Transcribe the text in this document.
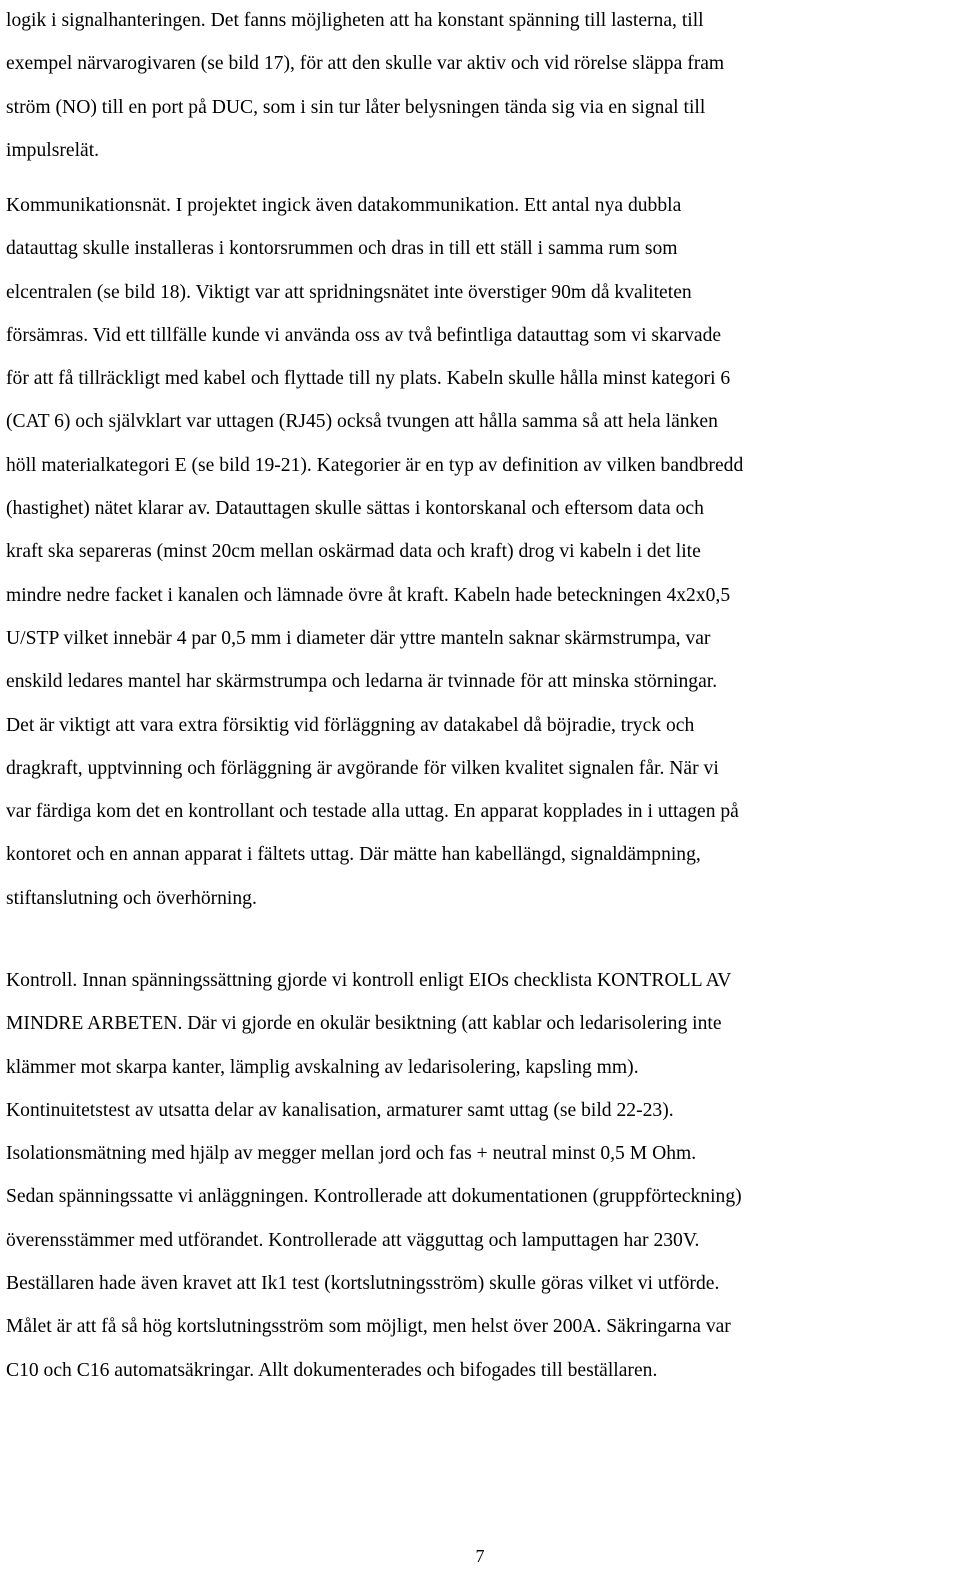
logik i signalhanteringen. Det fanns möjligheten att ha konstant spänning till lasterna, till
exempel närvarogivaren (se bild 17), för att den skulle var aktiv och vid rörelse släppa fram
ström (NO) till en port på DUC, som i sin tur låter belysningen tända sig via en signal till
impulsrelät.
Kommunikationsnät. I projektet ingick även datakommunikation. Ett antal nya dubbla
datauttag skulle installeras i kontorsrummen och dras in till ett ställ i samma rum som
elcentralen (se bild 18). Viktigt var att spridningsnätet inte överstiger 90m då kvaliteten
försämras. Vid ett tillfälle kunde vi använda oss av två befintliga datauttag som vi skarvade
för att få tillräckligt med kabel och flyttade till ny plats. Kabeln skulle hålla minst kategori 6
(CAT 6) och självklart var uttagen (RJ45) också tvungen att hålla samma så att hela länken
höll materialkategori E (se bild 19-21). Kategorier är en typ av definition av vilken bandbredd
(hastighet) nätet klarar av. Datauttagen skulle sättas i kontorskanal och eftersom data och
kraft ska separeras (minst 20cm mellan oskärmad data och kraft) drog vi kabeln i det lite
mindre nedre facket i kanalen och lämnade övre åt kraft. Kabeln hade beteckningen 4x2x0,5
U/STP vilket innebär 4 par 0,5 mm i diameter där yttre manteln saknar skärmstrumpa, var
enskild ledares mantel har skärmstrumpa och ledarna är tvinnade för att minska störningar.
Det är viktigt att vara extra försiktig vid förläggning av datakabel då böjradie, tryck och
dragkraft, upptvinning och förläggning är avgörande för vilken kvalitet signalen får. När vi
var färdiga kom det en kontrollant och testade alla uttag. En apparat kopplades in i uttagen på
kontoret och en annan apparat i fältets uttag. Där mätte han kabellängd, signaldämpning,
stiftanslutning och överhörning.
Kontroll. Innan spänningssättning gjorde vi kontroll enligt EIOs checklista KONTROLL AV
MINDRE ARBETEN. Där vi gjorde en okulär besiktning (att kablar och ledarisolering inte
klämmer mot skarpa kanter, lämplig avskalning av ledarisolering, kapsling mm).
Kontinuitetstest av utsatta delar av kanalisation, armaturer samt uttag (se bild 22-23).
Isolationsmätning med hjälp av megger mellan jord och fas + neutral minst 0,5 M Ohm.
Sedan spänningssatte vi anläggningen. Kontrollerade att dokumentationen (gruppförteckning)
överensstämmer med utförandet. Kontrollerade att vägguttag och lamputtagen har 230V.
Beställaren hade även kravet att Ik1 test (kortslutningsström) skulle göras vilket vi utförde.
Målet är att få så hög kortslutningsström som möjligt, men helst över 200A. Säkringarna var
C10 och C16 automatsäkringar. Allt dokumenterades och bifogades till beställaren.
7
